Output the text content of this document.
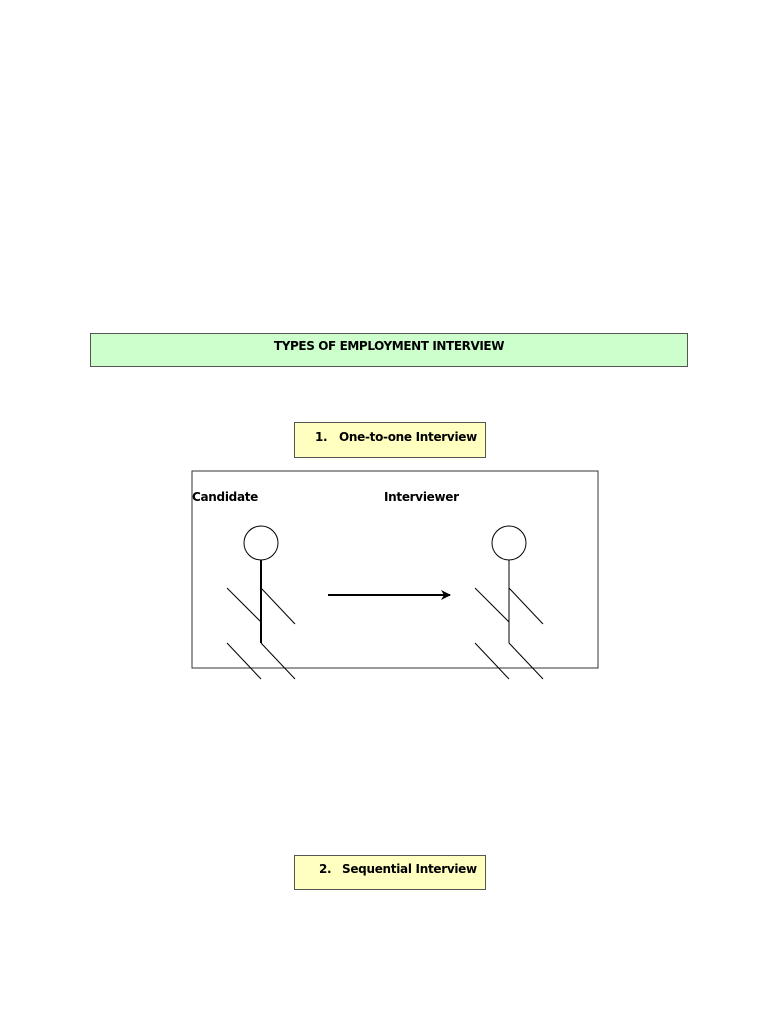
TYPES OF EMPLOYMENT INTERVIEW
1. One-to-one Interview
Candidate	Interviewer
2. Sequential Interview
